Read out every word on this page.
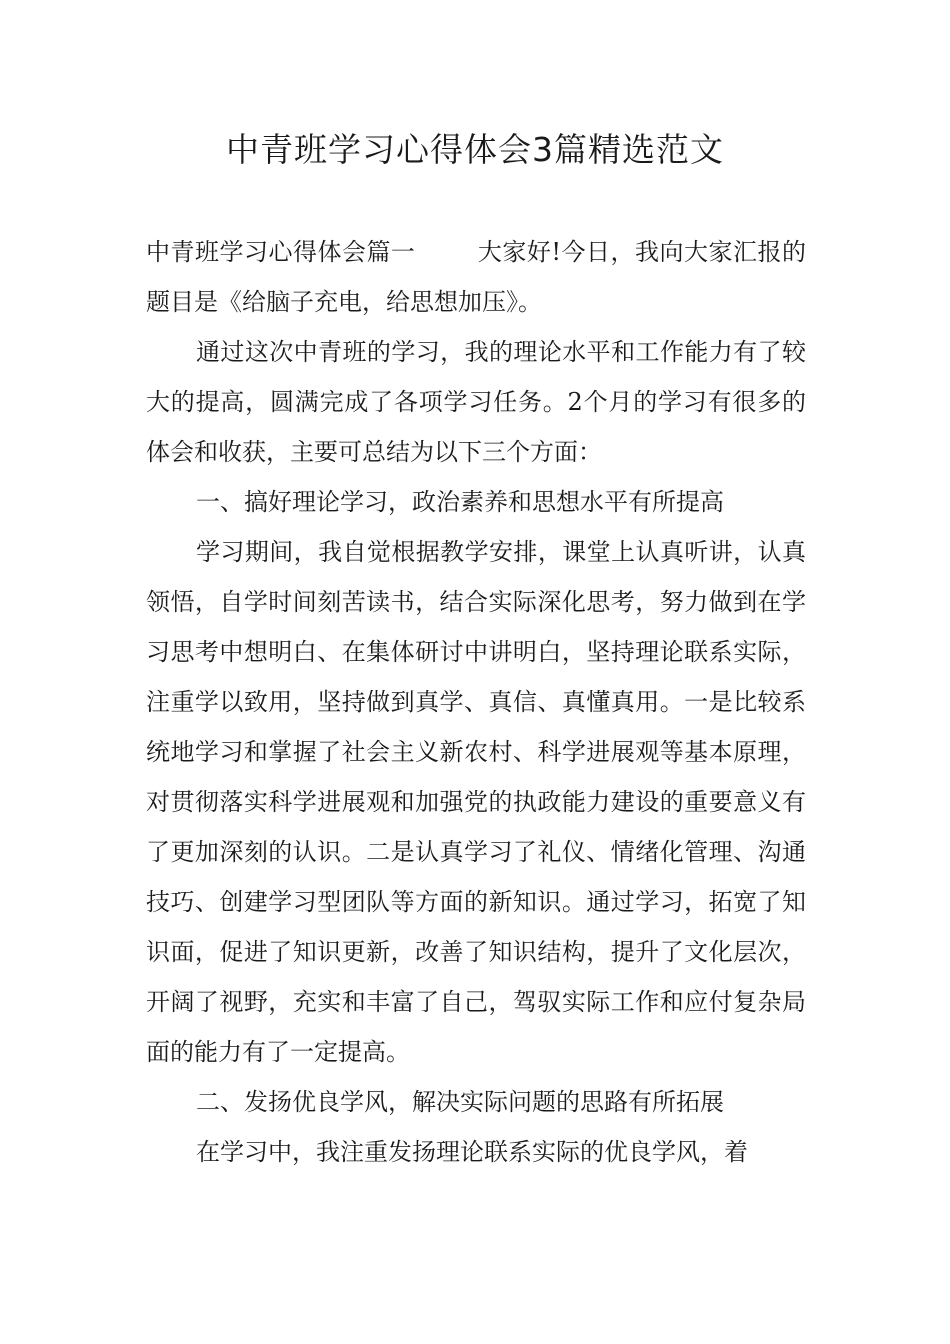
中青班学习心得体会3篇精选范文

中青班学习心得体会篇一	大家好!今日，我向大家汇报的题目是《给脑子充电，给思想加压》。

通过这次中青班的学习，我的理论水平和工作能力有了较大的提高，圆满完成了各项学习任务。2个月的学习有很多的体会和收获，主要可总结为以下三个方面：

一、搞好理论学习，政治素养和思想水平有所提高

学习期间，我自觉根据教学安排，课堂上认真听讲，认真领悟，自学时间刻苦读书，结合实际深化思考，努力做到在学习思考中想明白、在集体研讨中讲明白，坚持理论联系实际，注重学以致用，坚持做到真学、真信、真懂真用。一是比较系统地学习和掌握了社会主义新农村、科学进展观等基本原理，对贯彻落实科学进展观和加强党的执政能力建设的重要意义有了更加深刻的认识。二是认真学习了礼仪、情绪化管理、沟通技巧、创建学习型团队等方面的新知识。通过学习，拓宽了知识面，促进了知识更新，改善了知识结构，提升了文化层次，开阔了视野，充实和丰富了自己，驾驭实际工作和应付复杂局面的能力有了一定提高。

二、发扬优良学风，解决实际问题的思路有所拓展

在学习中，我注重发扬理论联系实际的优良学风，着
